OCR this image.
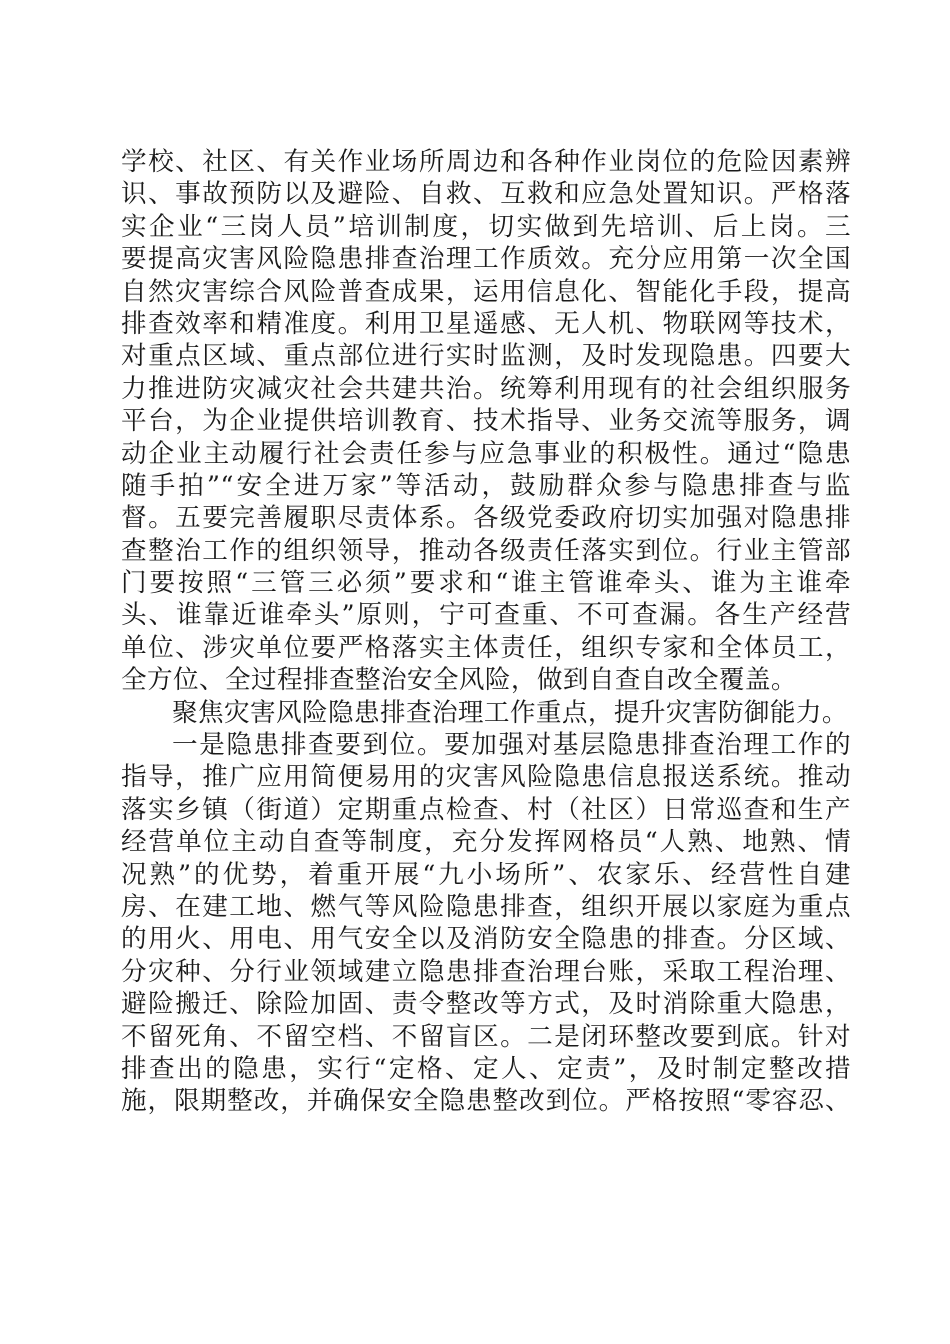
学校、社区、有关作业场所周边和各种作业岗位的危险因素辨
识、事故预防以及避险、自救、互救和应急处置知识。严格落
实企业“三岗人员”培训制度，切实做到先培训、后上岗。三
要提高灾害风险隐患排查治理工作质效。充分应用第一次全国
自然灾害综合风险普查成果，运用信息化、智能化手段，提高
排查效率和精准度。利用卫星遥感、无人机、物联网等技术，
对重点区域、重点部位进行实时监测，及时发现隐患。四要大
力推进防灾减灾社会共建共治。统筹利用现有的社会组织服务
平台，为企业提供培训教育、技术指导、业务交流等服务，调
动企业主动履行社会责任参与应急事业的积极性。通过“隐患
随手拍”“安全进万家”等活动，鼓励群众参与隐患排查与监
督。五要完善履职尽责体系。各级党委政府切实加强对隐患排
查整治工作的组织领导，推动各级责任落实到位。行业主管部
门要按照“三管三必须”要求和“谁主管谁牵头、谁为主谁牵
头、谁靠近谁牵头”原则，宁可查重、不可查漏。各生产经营
单位、涉灾单位要严格落实主体责任，组织专家和全体员工，
全方位、全过程排查整治安全风险，做到自查自改全覆盖。
聚焦灾害风险隐患排查治理工作重点，提升灾害防御能力。
一是隐患排查要到位。要加强对基层隐患排查治理工作的
指导，推广应用简便易用的灾害风险隐患信息报送系统。推动
落实乡镇（街道）定期重点检查、村（社区）日常巡查和生产
经营单位主动自查等制度，充分发挥网格员“人熟、地熟、情
况熟”的优势，着重开展“九小场所”、农家乐、经营性自建
房、在建工地、燃气等风险隐患排查，组织开展以家庭为重点
的用火、用电、用气安全以及消防安全隐患的排查。分区域、
分灾种、分行业领域建立隐患排查治理台账，采取工程治理、
避险搬迁、除险加固、责令整改等方式，及时消除重大隐患，
不留死角、不留空档、不留盲区。二是闭环整改要到底。针对
排查出的隐患，实行“定格、定人、定责”，及时制定整改措
施，限期整改，并确保安全隐患整改到位。严格按照“零容忍、
